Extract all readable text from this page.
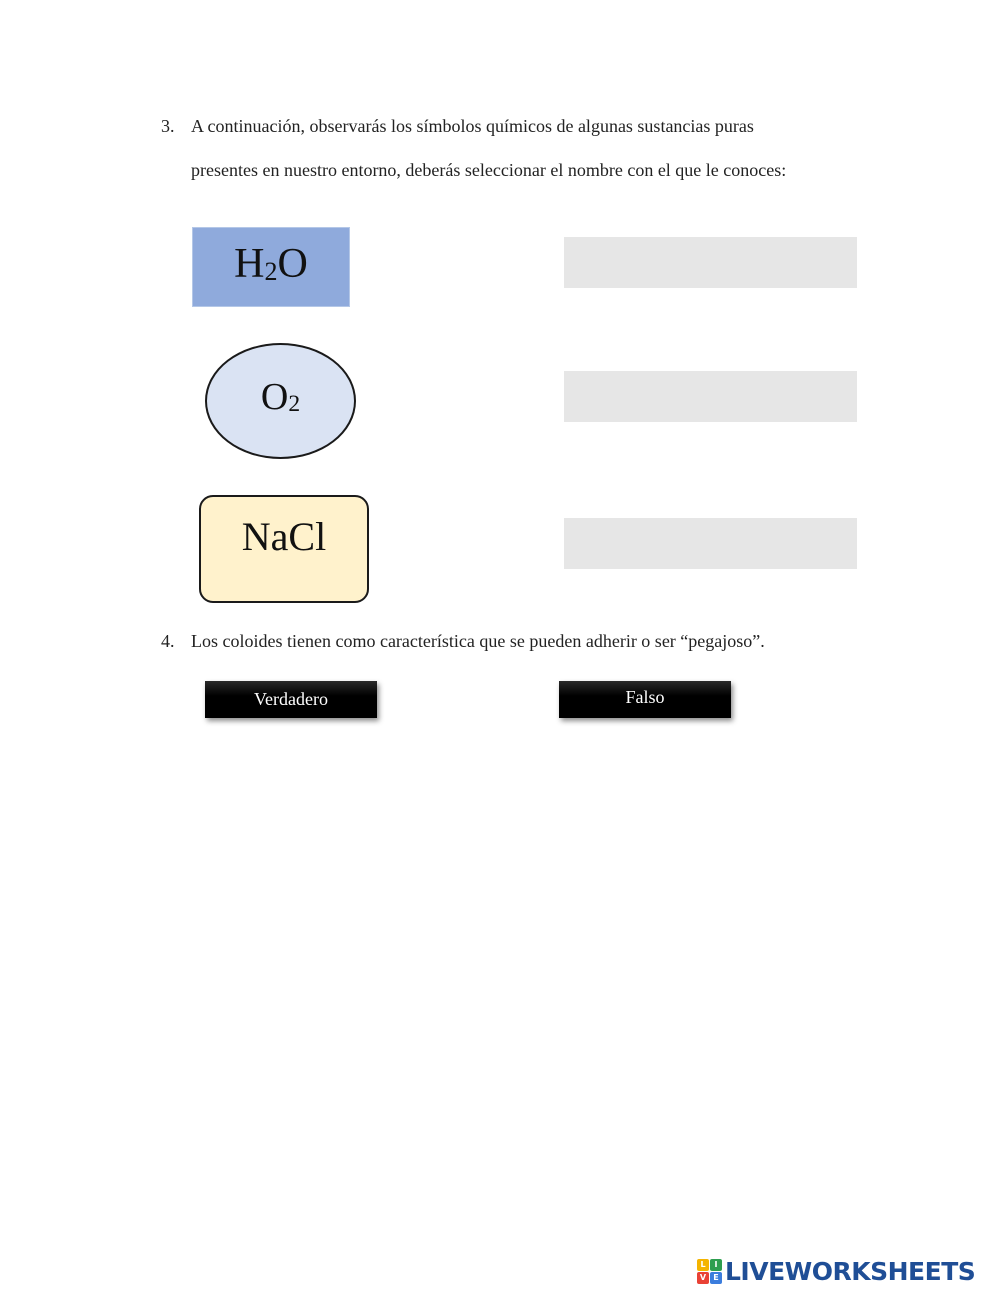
3. A continuación, observarás los símbolos químicos de algunas sustancias puras
presentes en nuestro entorno, deberás seleccionar el nombre con el que le conoces:
H 2 O
O 2
NaCl
4. Los coloides tienen como característica que se pueden adherir o ser “pegajoso”.
Verdadero	Falso
L	I
V E LIVEWORKSHEETS
